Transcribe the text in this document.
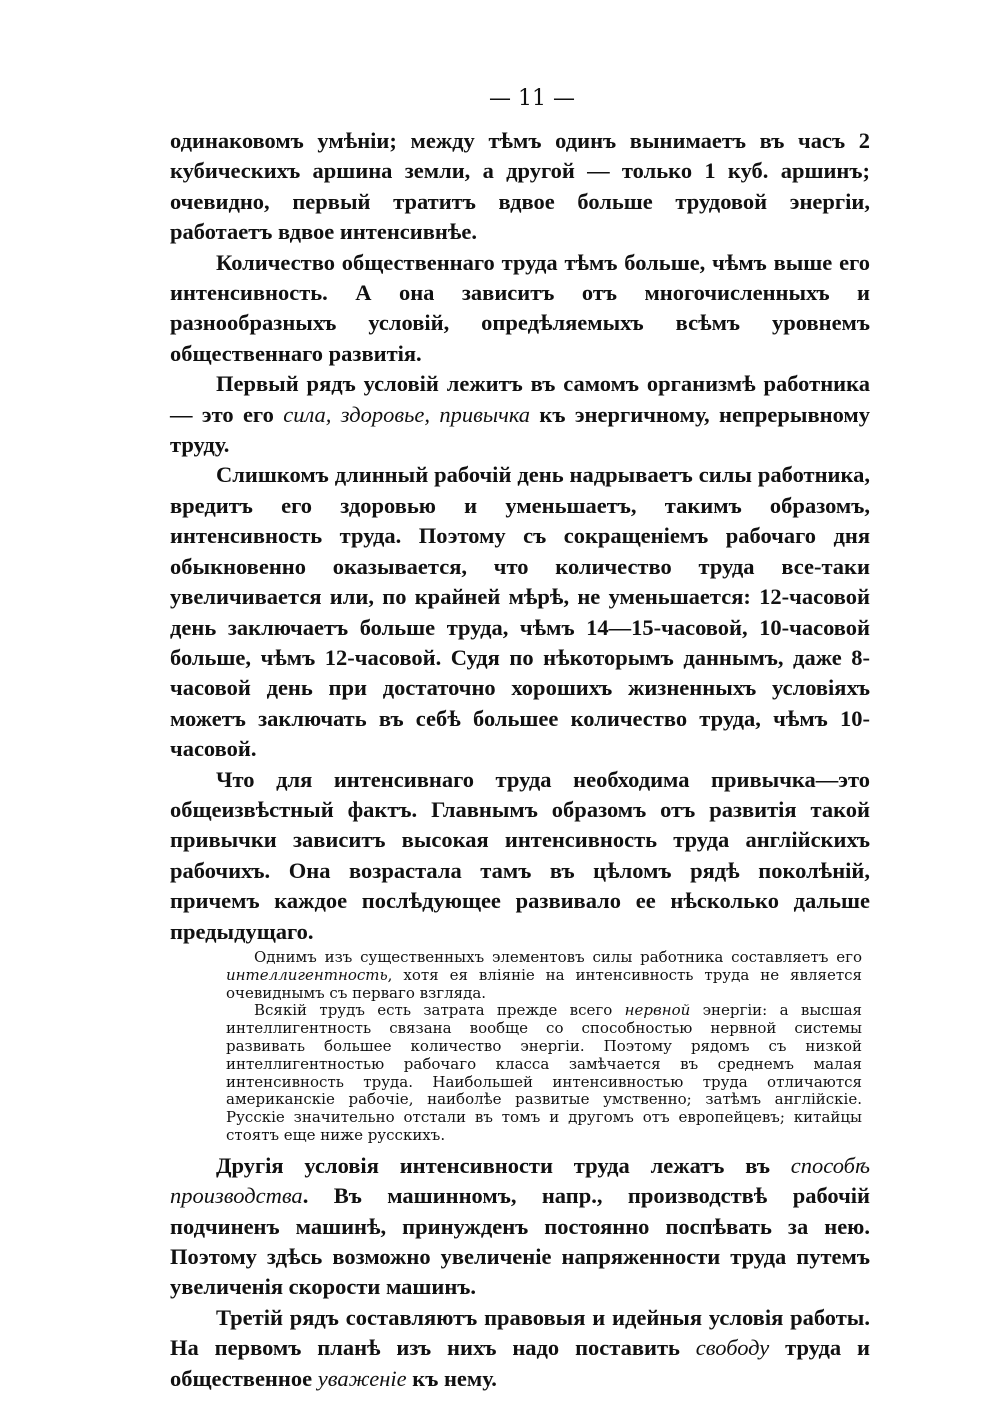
— 11 —

одинаковомъ умѣніи; между тѣмъ одинъ вынимаетъ въ часъ 2 кубическихъ аршина земли, а другой — только 1 куб. аршинъ; очевидно, первый тратитъ вдвое больше трудовой энергіи, работаетъ вдвое интенсивнѣе.

Количество общественнаго труда тѣмъ больше, чѣмъ выше его интенсивность. А она зависитъ отъ многочисленныхъ и разнообразныхъ условій, опредѣляемыхъ всѣмъ уровнемъ общественнаго развитія.

Первый рядъ условій лежитъ въ самомъ организмѣ работника— это его сила, здоровье, привычка къ энергичному, непрерывному труду.

Слишкомъ длинный рабочій день надрываетъ силы работника, вредитъ его здоровью и уменьшаетъ, такимъ образомъ, интенсивность труда. Поэтому съ сокращеніемъ рабочаго дня обыкновенно оказывается, что количество труда все-таки увеличивается или, по крайней мѣрѣ, не уменьшается: 12-часовой день заключаетъ больше труда, чѣмъ 14—15-часовой, 10-часовой больше, чѣмъ 12-часовой. Судя по нѣкоторымъ даннымъ, даже 8-часовой день при достаточно хорошихъ жизненныхъ условіяхъ можетъ заключать въ себѣ большее количество труда, чѣмъ 10-часовой.

Что для интенсивнаго труда необходима привычка—это общеизвѣстный фактъ. Главнымъ образомъ отъ развитія такой привычки зависитъ высокая интенсивность труда англійскихъ рабочихъ. Она возрастала тамъ въ цѣломъ рядѣ поколѣній, причемъ каждое послѣдующее развивало ее нѣсколько дальше предыдущаго.

Однимъ изъ существенныхъ элементовъ силы работника составляетъ его интеллигентность, хотя ея вліяніе на интенсивность труда не является очевиднымъ съ перваго взгляда.

Всякій трудъ есть затрата прежде всего нервной энергіи: а высшая интеллигентность связана вообще со способностью нервной системы развивать большее количество энергіи. Поэтому рядомъ съ низкой интеллигентностью рабочаго класса замѣчается въ среднемъ малая интенсивность труда. Наибольшей интенсивностью труда отличаются американскіе рабочіе, наиболѣе развитые умственно; затѣмъ англійскіе. Русскіе значительно отстали въ томъ и другомъ отъ европейцевъ; китайцы стоятъ еще ниже русскихъ.

Другія условія интенсивности труда лежатъ въ способѣ производства. Въ машинномъ, напр., производствѣ рабочій подчиненъ машинѣ, принужденъ постоянно поспѣвать за нею. Поэтому здѣсь возможно увеличеніе напряженности труда путемъ увеличенія скорости машинъ.

Третій рядъ составляютъ правовыя и идейныя условія работы. На первомъ планѣ изъ нихъ надо поставить свободу труда и общественное уваженіе къ нему.
